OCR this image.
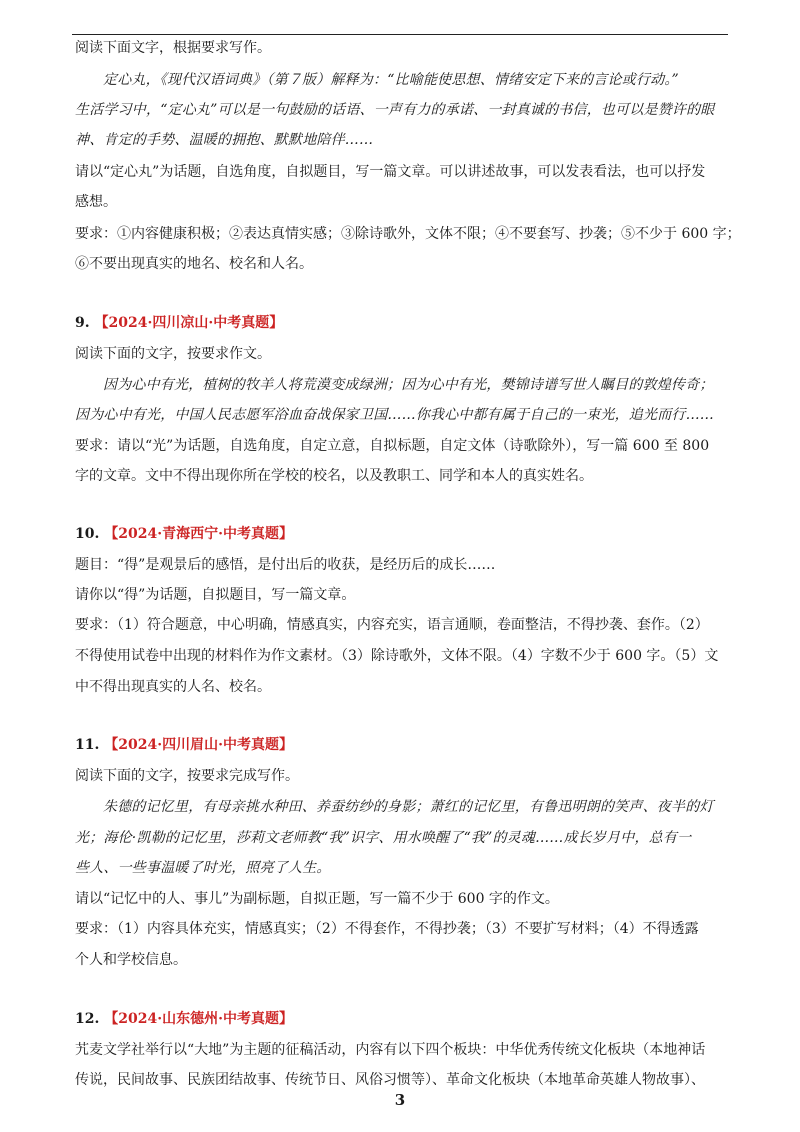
阅读下面文字，根据要求写作。

定心丸，《现代汉语词典》（第７版）解释为：“比喻能使思想、情绪安定下来的言论或行动。”

生活学习中，“定心丸”可以是一句鼓励的话语、一声有力的承诺、一封真诚的书信，也可以是赞许的眼

神、肯定的手势、温暖的拥抱、默默地陪伴……

请以“定心丸”为话题，自选角度，自拟题目，写一篇文章。可以讲述故事，可以发表看法，也可以抒发

感想。

要求：①内容健康积极；②表达真情实感；③除诗歌外，文体不限；④不要套写、抄袭；⑤不少于 600 字；

⑥不要出现真实的地名、校名和人名。

9. 【2024·四川凉山·中考真题】

阅读下面的文字，按要求作文。

因为心中有光，植树的牧羊人将荒漠变成绿洲；因为心中有光，樊锦诗谱写世人瞩目的敦煌传奇；

因为心中有光，中国人民志愿军浴血奋战保家卫国……你我心中都有属于自己的一束光，追光而行……

要求：请以“光”为话题，自选角度，自定立意，自拟标题，自定文体（诗歌除外），写一篇 600 至 800

字的文章。文中不得出现你所在学校的校名，以及教职工、同学和本人的真实姓名。

10. 【2024·青海西宁·中考真题】

题目：“得”是观景后的感悟，是付出后的收获，是经历后的成长……

请你以“得”为话题，自拟题目，写一篇文章。

要求：（1）符合题意，中心明确，情感真实，内容充实，语言通顺，卷面整洁，不得抄袭、套作。（2）

不得使用试卷中出现的材料作为作文素材。（3）除诗歌外，文体不限。（4）字数不少于 600 字。（5）文

中不得出现真实的人名、校名。

11. 【2024·四川眉山·中考真题】

阅读下面的文字，按要求完成写作。

朱德的记忆里，有母亲挑水种田、养蚕纺纱的身影；萧红的记忆里，有鲁迅明朗的笑声、夜半的灯

光；海伦·凯勒的记忆里，莎莉文老师教“我”识字、用水唤醒了“我”的灵魂……成长岁月中，总有一

些人、一些事温暖了时光，照亮了人生。

请以“记忆中的人、事儿”为副标题，自拟正题，写一篇不少于 600 字的作文。

要求：（1）内容具体充实，情感真实；（2）不得套作，不得抄袭；（3）不要扩写材料；（4）不得透露

个人和学校信息。

12. 【2024·山东德州·中考真题】

艽麦文学社举行以“大地”为主题的征稿活动，内容有以下四个板块：中华优秀传统文化板块（本地神话

传说，民间故事、民族团结故事、传统节日、风俗习惯等）、革命文化板块（本地革命英雄人物故事）、

3
